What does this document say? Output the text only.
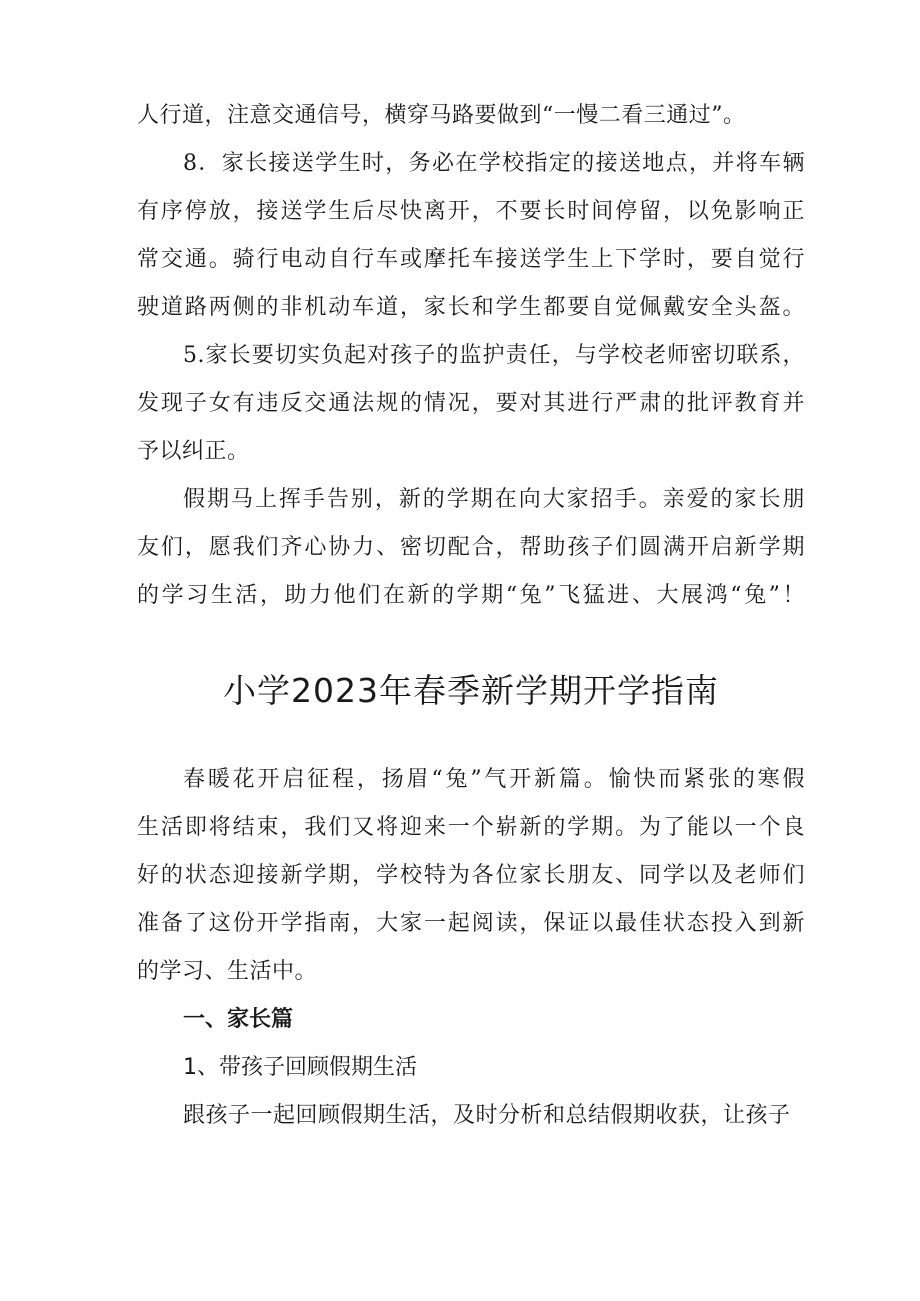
人行道，注意交通信号，横穿马路要做到“一慢二看三通过”。
8．家长接送学生时，务必在学校指定的接送地点，并将车辆
有序停放，接送学生后尽快离开，不要长时间停留，以免影响正
常交通。骑行电动自行车或摩托车接送学生上下学时，要自觉行
驶道路两侧的非机动车道，家长和学生都要自觉佩戴安全头盔。
5.家长要切实负起对孩子的监护责任，与学校老师密切联系，
发现子女有违反交通法规的情况，要对其进行严肃的批评教育并
予以纠正。
假期马上挥手告别，新的学期在向大家招手。亲爱的家长朋
友们，愿我们齐心协力、密切配合，帮助孩子们圆满开启新学期
的学习生活，助力他们在新的学期“兔”飞猛进、大展鸿“兔”！
小学2023年春季新学期开学指南
春暖花开启征程，扬眉“兔”气开新篇。愉快而紧张的寒假
生活即将结束，我们又将迎来一个崭新的学期。为了能以一个良
好的状态迎接新学期，学校特为各位家长朋友、同学以及老师们
准备了这份开学指南，大家一起阅读，保证以最佳状态投入到新
的学习、生活中。
一、家长篇
1、带孩子回顾假期生活
跟孩子一起回顾假期生活，及时分析和总结假期收获，让孩子
